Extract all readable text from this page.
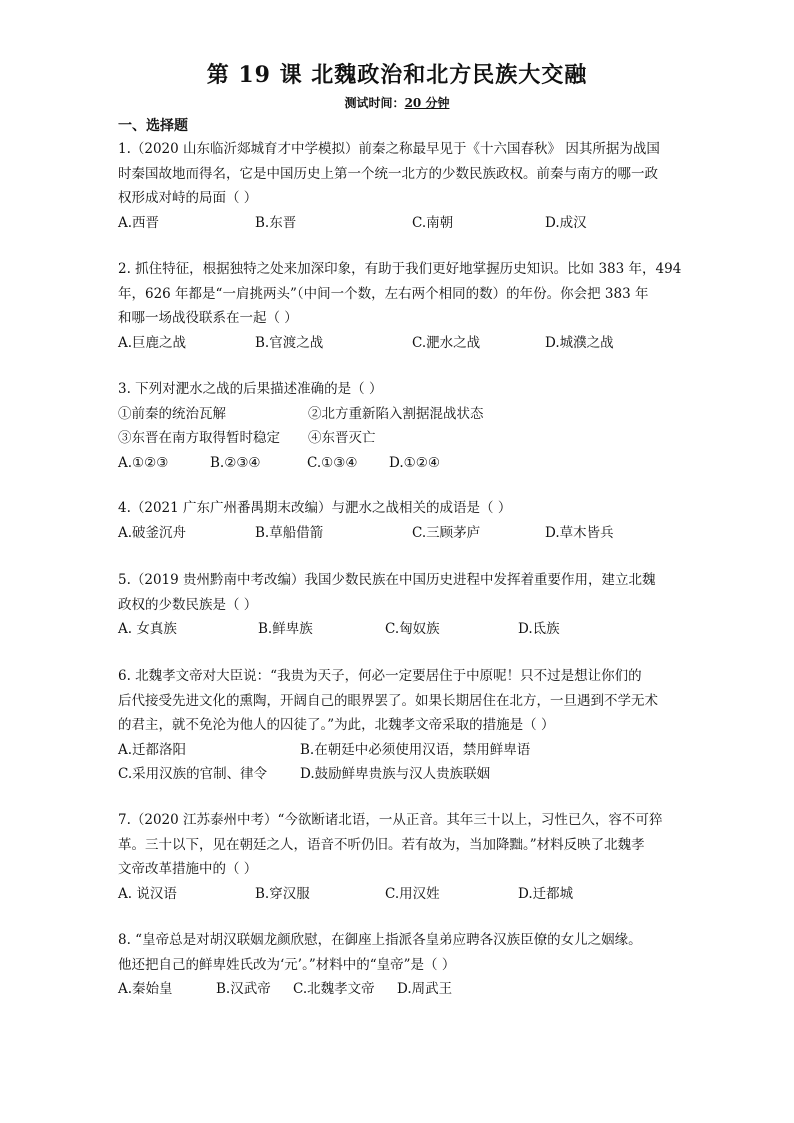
第 19 课 北魏政治和北方民族大交融
测试时间：20 分钟
一、选择题
1.（2020 山东临沂郯城育才中学模拟）前秦之称最早见于《十六国春秋》 因其所据为战国
时秦国故地而得名，它是中国历史上第一个统一北方的少数民族政权。前秦与南方的哪一政
权形成对峙的局面（ ）
A.西晋	B.东晋	C.南朝	D.成汉
2. 抓住特征，根据独特之处来加深印象，有助于我们更好地掌握历史知识。比如 383 年，494
年，626 年都是“一肩挑两头”（中间一个数，左右两个相同的数）的年份。你会把 383 年
和哪一场战役联系在一起（ ）
A.巨鹿之战	B.官渡之战	C.淝水之战	D.城濮之战
3. 下列对淝水之战的后果描述准确的是（ ）
①前秦的统治瓦解	②北方重新陷入割据混战状态
③东晋在南方取得暂时稳定 ④东晋灭亡
A.①②③	B.②③④	C.①③④ D.①②④
4.（2021 广东广州番禺期末改编）与淝水之战相关的成语是（ ）
A.破釜沉舟	B.草船借箭	C.三顾茅庐	D.草木皆兵
5.（2019 贵州黔南中考改编）我国少数民族在中国历史进程中发挥着重要作用，建立北魏
政权的少数民族是（ ）
A. 女真族	B.鲜卑族	C.匈奴族	D.氐族
6. 北魏孝文帝对大臣说：“我贵为天子，何必一定要居住于中原呢！只不过是想让你们的
后代接受先进文化的熏陶，开阔自己的眼界罢了。如果长期居住在北方，一旦遇到不学无术
的君主，就不免沦为他人的囚徒了。”为此，北魏孝文帝采取的措施是（ ）
A.迁都洛阳	B.在朝廷中必须使用汉语，禁用鲜卑语
C.采用汉族的官制、律令 D.鼓励鲜卑贵族与汉人贵族联姻
7.（2020 江苏泰州中考）“今欲断诸北语，一从正音。其年三十以上，习性已久，容不可猝
革。三十以下，见在朝廷之人，语音不听仍旧。若有故为，当加降黜。”材料反映了北魏孝
文帝改革措施中的（ ）
A. 说汉语	B.穿汉服	C.用汉姓	D.迁都城
8. “皇帝总是对胡汉联姻龙颜欣慰，在御座上指派各皇弟应聘各汉族臣僚的女儿之姻缘。
他还把自己的鲜卑姓氏改为‘元’。”材料中的“皇帝”是（ ）
A.秦始皇	B.汉武帝 C.北魏孝文帝 D.周武王
